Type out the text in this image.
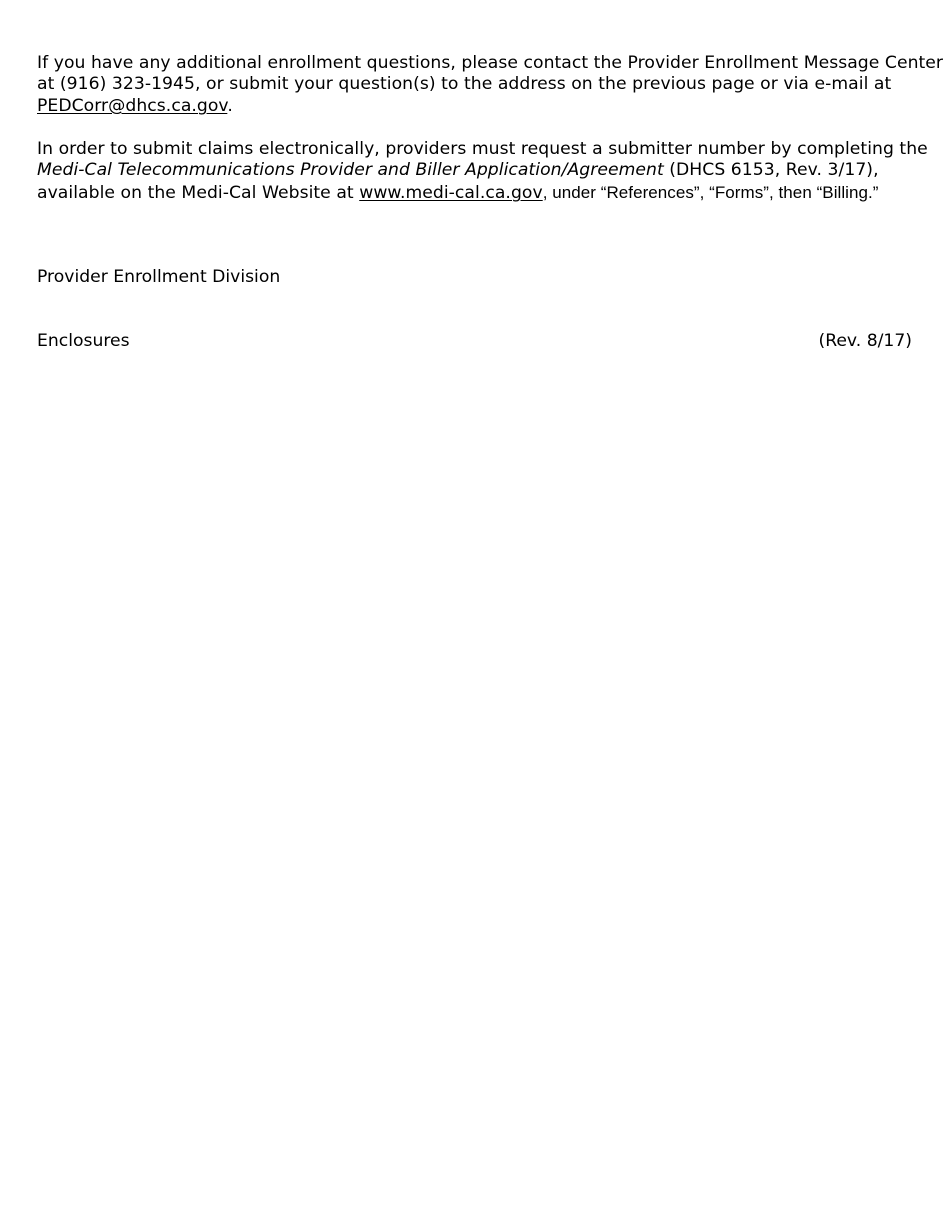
If you have any additional enrollment questions, please contact the Provider Enrollment Message Center
at (916) 323-1945, or submit your question(s) to the address on the previous page or via e-mail at
PEDCorr@dhcs.ca.gov.

In order to submit claims electronically, providers must request a submitter number by completing the
Medi-Cal Telecommunications Provider and Biller Application/Agreement (DHCS 6153, Rev. 3/17),
available on the Medi-Cal Website at www.medi-cal.ca.gov, under “References”, “Forms”, then “Billing.”

Provider Enrollment Division

Enclosures	(Rev. 8/17)
